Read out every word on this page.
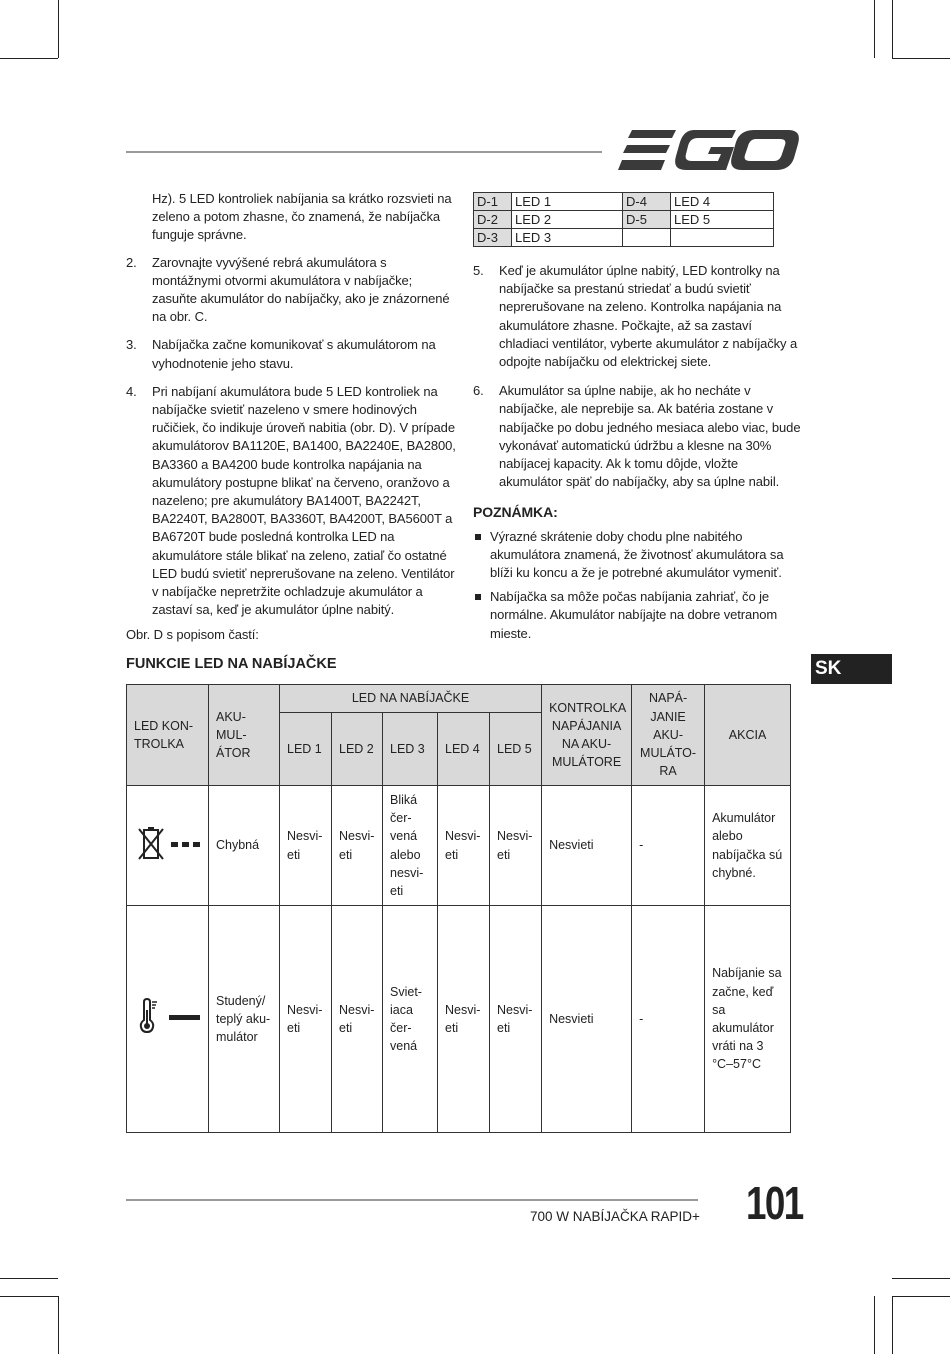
Hz). 5 LED kontroliek nabíjania sa krátko rozsvieti na zeleno a potom zhasne, čo znamená, že nabíjačka funguje správne.

2. Zarovnajte vyvýšené rebrá akumulátora s montážnymi otvormi akumulátora v nabíjačke; zasuňte akumulátor do nabíjačky, ako je znázornené na obr. C.

3. Nabíjačka začne komunikovať s akumulátorom na vyhodnotenie jeho stavu.

4. Pri nabíjaní akumulátora bude 5 LED kontroliek na nabíjačke svietiť nazeleno v smere hodinových ručičiek, čo indikuje úroveň nabitia (obr. D). V prípade akumulátorov BA1120E, BA1400, BA2240E, BA2800, BA3360 a BA4200 bude kontrolka napájania na akumulátory postupne blikať na červeno, oranžovo a nazeleno; pre akumulátory BA1400T, BA2242T, BA2240T, BA2800T, BA3360T, BA4200T, BA5600T a BA6720T bude posledná kontrolka LED na akumulátore stále blikať na zeleno, zatiaľ čo ostatné LED budú svietiť neprerušovane na zeleno. Ventilátor v nabíjačke nepretržite ochladzuje akumulátor a zastaví sa, keď je akumulátor úplne nabitý.

Obr. D s popisom častí:

D-1	LED 1	D-4	LED 4
D-2	LED 2	D-5	LED 5
D-3	LED 3		
5. Keď je akumulátor úplne nabitý, LED kontrolky na nabíjačke sa prestanú striedať a budú svietiť neprerušovane na zeleno. Kontrolka napájania na akumulátore zhasne. Počkajte, až sa zastaví chladiaci ventilátor, vyberte akumulátor z nabíjačky a odpojte nabíjačku od elektrickej siete.

6. Akumulátor sa úplne nabije, ak ho necháte v nabíjačke, ale neprebije sa. Ak batéria zostane v nabíjačke po dobu jedného mesiaca alebo viac, bude vykonávať automatickú údržbu a klesne na 30% nabíjacej kapacity. Ak k tomu dôjde, vložte akumulátor späť do nabíjačky, aby sa úplne nabil.

POZNÁMKA:

Výrazné skrátenie doby chodu plne nabitého akumulátora znamená, že životnosť akumulátora sa blíži ku koncu a že je potrebné akumulátor vymeniť.

Nabíjačka sa môže počas nabíjania zahriať, čo je normálne. Akumulátor nabíjajte na dobre vetranom mieste.

FUNKCIE LED NA NABÍJAČKE	SK
LED KON-TROLKA	AKU-MUL-ÁTOR	LED NA NABÍJAČKE					KONTROLKA NAPÁJANIA NA AKU-MULÁTORE	NAPÁ-JANIE AKU-MULÁTO-RA	AKCIA
		LED 1	LED 2	LED 3	LED 4	LED 5			
	Chybná	Nesvi-eti	Nesvi-eti	Bliká čer-vená alebo nesvi-eti	Nesvi-eti	Nesvi-eti	Nesvieti	-	Akumulátor alebo nabíjačka sú chybné.
	Studený/ teplý aku-mulátor	Nesvi-eti	Nesvi-eti	Sviet-iaca čer-vená	Nesvi-eti	Nesvi-eti	Nesvieti	-	Nabíjanie sa začne, keď sa akumulátor vráti na 3 °C–57°C
700 W NABÍJAČKA RAPID+ 101
